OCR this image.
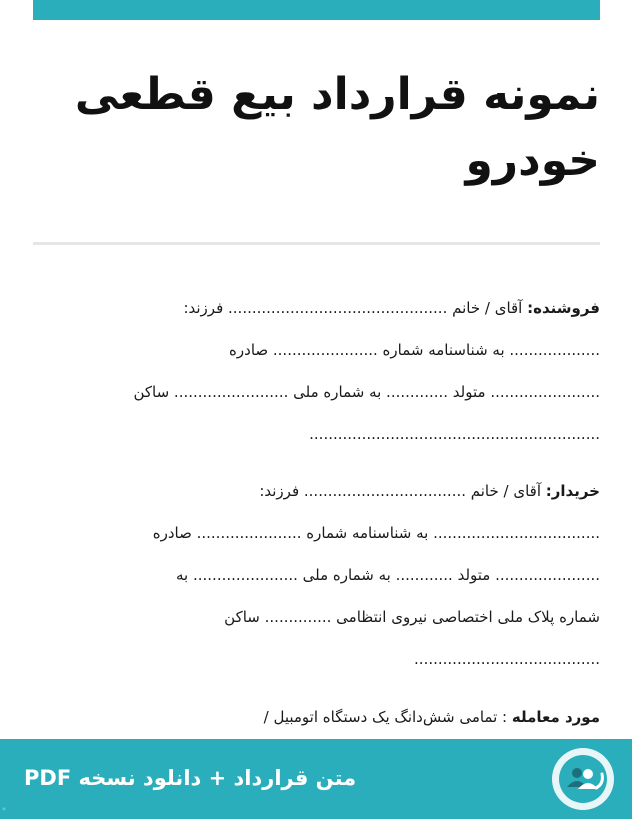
نمونه قرارداد بیع قطعی خودرو
فروشنده: آقای / خانم .............................................. فرزند:
................... به شناسنامه شماره ...................... صادره
....................... متولد ............. به شماره ملی ........................ ساکن
.............................................................
خریدار: آقای / خانم .................................. فرزند:
................................... به شناسنامه شماره ...................... صادره
...................... متولد ............ به شماره ملی ...................... به
شماره پلاک ملی اختصاصی نیروی انتظامی .............. ساکن
.......................................
مورد معامله : تمامی شش‌دانگ یک دستگاه اتومبیل /
متن قرارداد + دانلود نسخه PDF
*
